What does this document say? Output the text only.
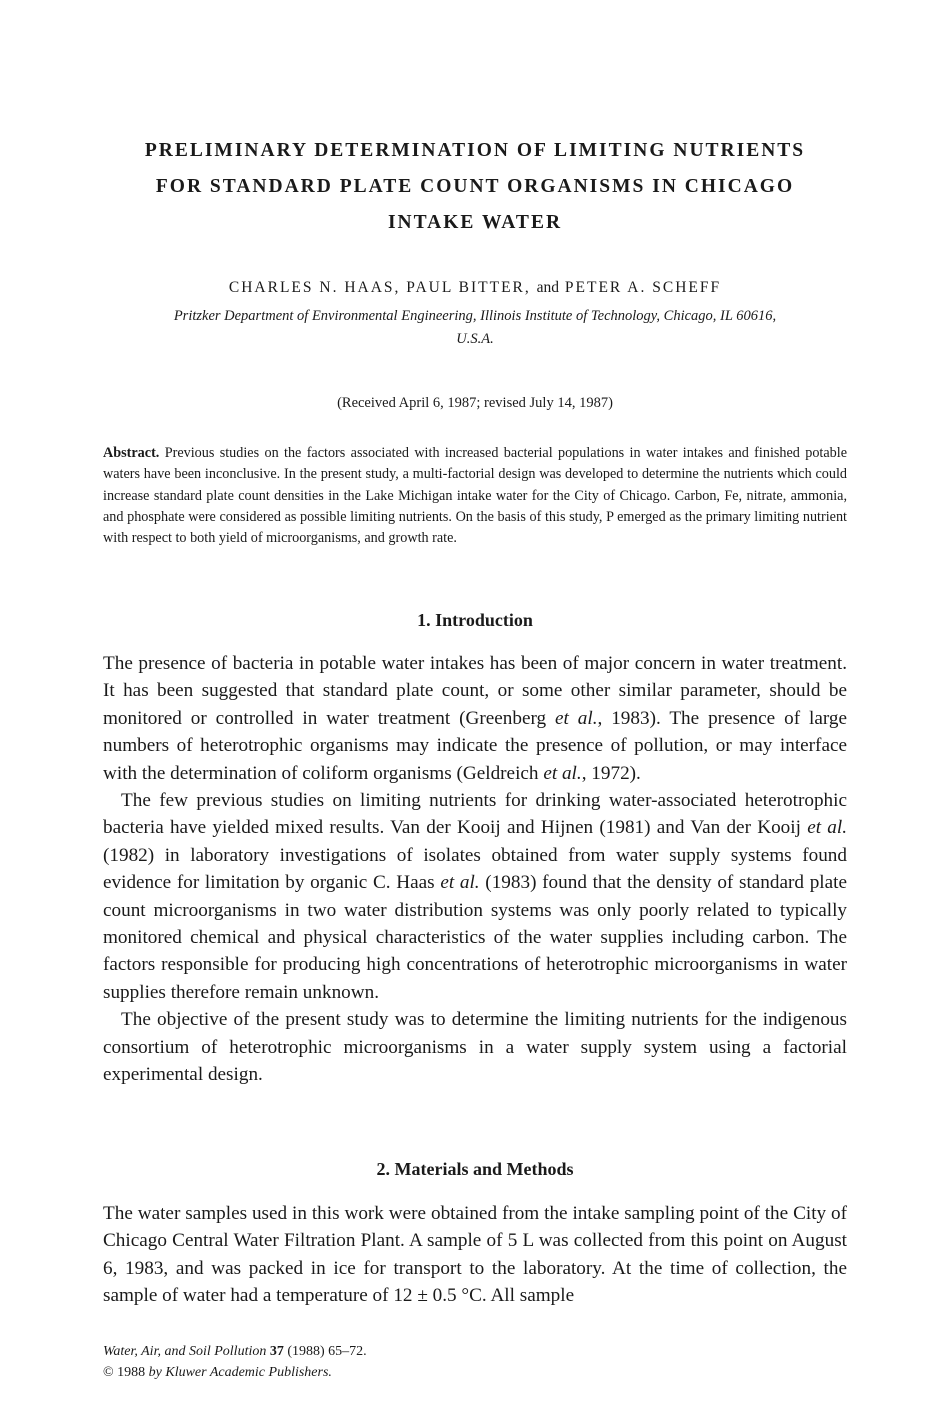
PRELIMINARY DETERMINATION OF LIMITING NUTRIENTS
FOR STANDARD PLATE COUNT ORGANISMS IN CHICAGO
INTAKE WATER

CHARLES N. HAAS, PAUL BITTER, and PETER A. SCHEFF

Pritzker Department of Environmental Engineering, Illinois Institute of Technology, Chicago, IL 60616,
U.S.A.

(Received April 6, 1987; revised July 14, 1987)

Abstract. Previous studies on the factors associated with increased bacterial populations in water intakes and finished potable waters have been inconclusive. In the present study, a multi-factorial design was developed to determine the nutrients which could increase standard plate count densities in the Lake Michigan intake water for the City of Chicago. Carbon, Fe, nitrate, ammonia, and phosphate were considered as possible limiting nutrients. On the basis of this study, P emerged as the primary limiting nutrient with respect to both yield of microorganisms, and growth rate.

1. Introduction

The presence of bacteria in potable water intakes has been of major concern in water treatment. It has been suggested that standard plate count, or some other similar parameter, should be monitored or controlled in water treatment (Greenberg et al., 1983). The presence of large numbers of heterotrophic organisms may indicate the presence of pollution, or may interface with the determination of coliform organisms (Geldreich et al., 1972).

The few previous studies on limiting nutrients for drinking water-associated heterotrophic bacteria have yielded mixed results. Van der Kooij and Hijnen (1981) and Van der Kooij et al. (1982) in laboratory investigations of isolates obtained from water supply systems found evidence for limitation by organic C. Haas et al. (1983) found that the density of standard plate count microorganisms in two water distribution systems was only poorly related to typically monitored chemical and physical characteristics of the water supplies including carbon. The factors responsible for producing high concentrations of heterotrophic microorganisms in water supplies therefore remain unknown.

The objective of the present study was to determine the limiting nutrients for the indigenous consortium of heterotrophic microorganisms in a water supply system using a factorial experimental design.

2. Materials and Methods

The water samples used in this work were obtained from the intake sampling point of the City of Chicago Central Water Filtration Plant. A sample of 5 L was collected from this point on August 6, 1983, and was packed in ice for transport to the laboratory. At the time of collection, the sample of water had a temperature of 12 ± 0.5 °C. All sample

Water, Air, and Soil Pollution 37 (1988) 65–72.
© 1988 by Kluwer Academic Publishers.
